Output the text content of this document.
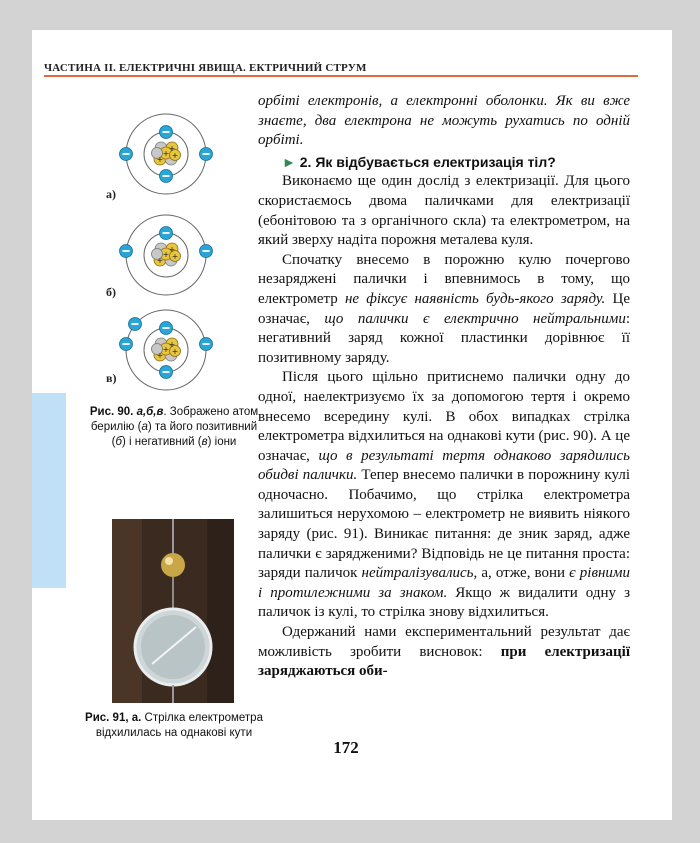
ЧАСТИНА ІІ. ЕЛЕКТРИЧНІ ЯВИЩА. ЕКТРИЧНИЙ СТРУМ
+ +
а)
б)
в)
Рис. 90. а,б,в. Зображено атом берилію (а) та його позитивний (б) і негативний (в) іони
Рис. 91, а. Стрілка електрометра відхилилась на однакові кути

орбіті електронів, а електронні оболонки. Як ви вже знаєте, два електрона не можуть рухатись по одній орбіті.

► 2. Як відбувається електризація тіл?

Виконаємо ще один дослід з електризації. Для цього скористаємось двома паличками для електризації (ебонітовою та з органічного скла) та електрометром, на який зверху надіта порожня металева куля.

Спочатку внесемо в порожню кулю почергово незаряджені палички і впевнимось в тому, що електрометр не фіксує наявність будь-якого заряду. Це означає, що палички є електрично нейтральними: негативний заряд кожної пластинки дорівнює її позитивному заряду.

Після цього щільно притиснемо палички одну до одної, наелектризуємо їх за допомогою тертя і окремо внесемо всередину кулі. В обох випадках стрілка електрометра відхилиться на однакові кути (рис. 90). А це означає, що в результаті тертя однаково зарядились обидві палички. Тепер внесемо палички в порожнину кулі одночасно. Побачимо, що стрілка електрометра залишиться нерухомою – електрометр не виявить ніякого заряду (рис. 91). Виникає питання: де зник заряд, адже палички є зарядженими? Відповідь не це питання проста: заряди паличок нейтралізувались, а, отже, вони є рівними і протилежними за знаком. Якщо ж видалити одну з паличок із кулі, то стрілка знову відхилиться.

Одержаний нами експериментальний результат дає можливість зробити висновок: при електризації заряджаються оби-

172
